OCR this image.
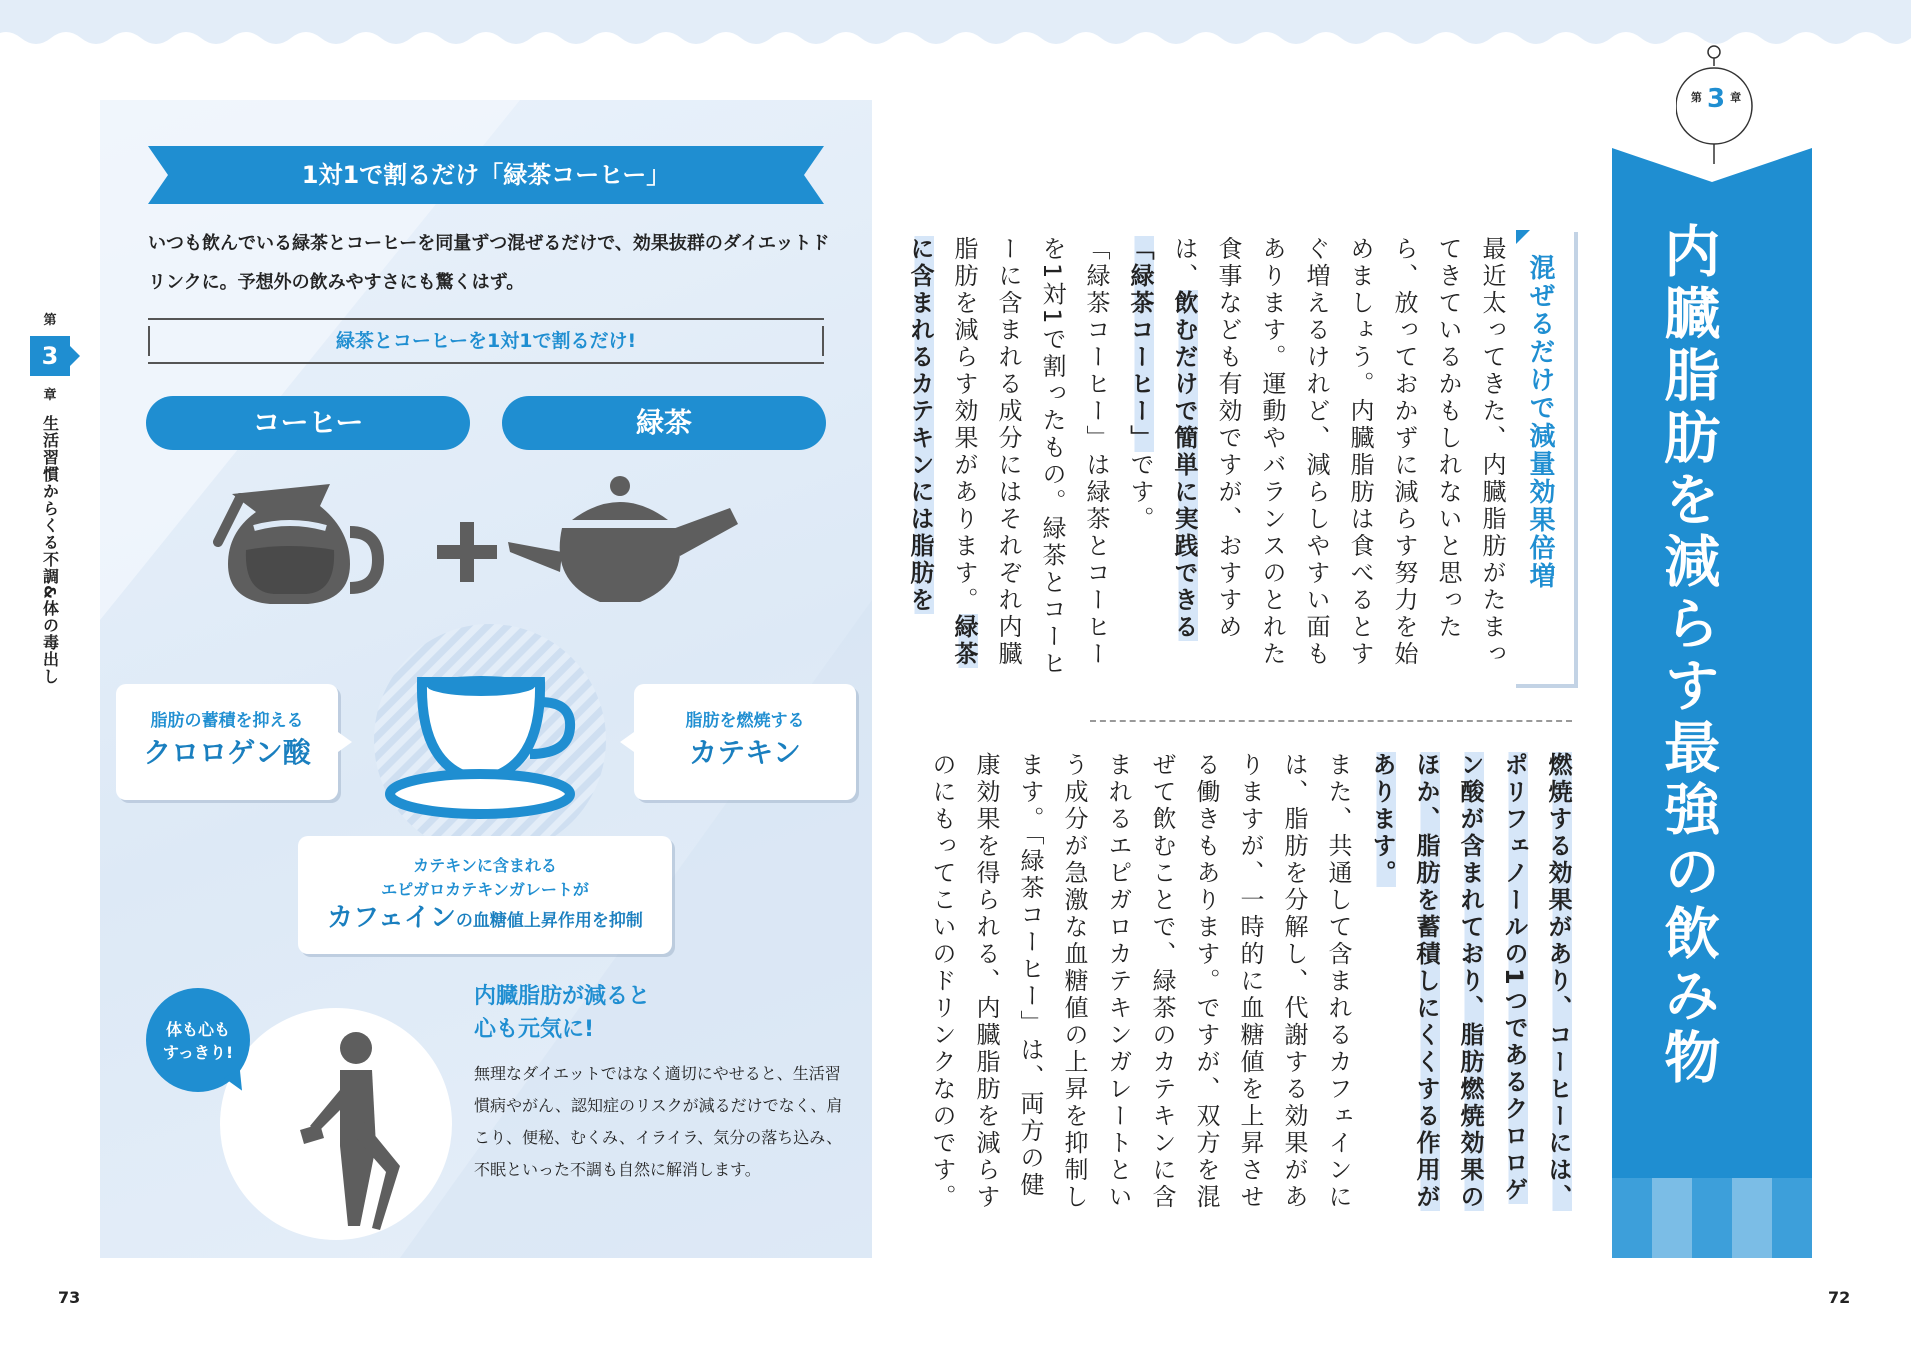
1対1で割るだけ「緑茶コーヒー」
いつも飲んでいる緑茶とコーヒーを同量ずつ混ぜるだけで、効果抜群のダイエットドリンクに。予想外の飲みやすさにも驚くはず。
緑茶とコーヒーを1対1で割るだけ!
コーヒー	緑茶
脂肪の蓄積を抑える
クロロゲン酸
脂肪を燃焼する
カテキン
カテキンに含まれる
エピガロカテキンガレートが
カフェインの血糖値上昇作用を抑制
体も心も
すっきり!
内臓脂肪が減ると
心も元気に!
無理なダイエットではなく適切にやせると、生活習慣病やがん、認知症のリスクが減るだけでなく、肩こり、便秘、むくみ、イライラ、気分の落ち込み、不眠といった不調も自然に解消します。
第
3
章
生活習慣からくる不調&体の毒出し
73	72
$^第$ 3 $^章$
内臓脂肪を減らす最強の飲み物
混ぜるだけで減量効果倍増
最近太ってきた、内臓脂肪がたまってきているかもしれないと思ったら、放っておかずに減らす努力を始めましょう。内臓脂肪は食べるとすぐ増えるけれど、減らしやすい面もあります。運動やバランスのとれた食事なども有効ですが、おすすめは、飲むだけで簡単に実践できる「緑茶コーヒー」です。
「緑茶コーヒー」は緑茶とコーヒーを1対1で割ったもの。緑茶とコーヒーに含まれる成分にはそれぞれ内臓脂肪を減らす効果があります。緑茶に含まれるカテキンには脂肪を
燃焼する効果があり、コーヒーには、ポリフェノールの1つであるクロロゲン酸が含まれており、脂肪燃焼効果のほか、脂肪を蓄積しにくくする作用があります。
また、共通して含まれるカフェインには、脂肪を分解し、代謝する効果がありますが、一時的に血糖値を上昇させる働きもあります。ですが、双方を混ぜて飲むことで、緑茶のカテキンに含まれるエピガロカテキンガレートという成分が急激な血糖値の上昇を抑制します。「緑茶コーヒー」は、両方の健康効果を得られる、内臓脂肪を減らすのにもってこいのドリンクなのです。
